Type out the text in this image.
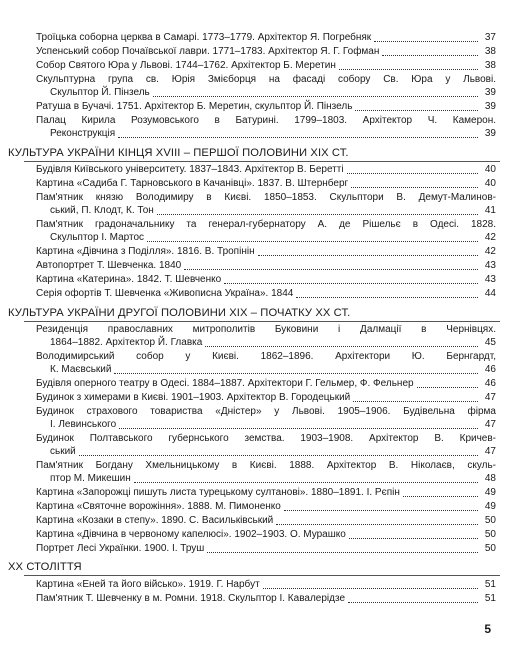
Троїцька соборна церква в Самарі. 1773–1779. Архітектор Я. Погребняк	37
Успенський собор Почаївської лаври. 1771–1783. Архітектор Я. Г. Гофман	38
Собор Святого Юра у Львові. 1744–1762. Архітектор Б. Меретин	38
Скульптурна група св. Юрія Змієборця на фасаді собору Св. Юра у Львові.
Скульптор Й. Пінзель	39
Ратуша в Бучачі. 1751. Архітектор Б. Меретин, скульптор Й. Пінзель	39
Палац Кирила Розумовського в Батурині. 1799–1803. Архітектор Ч. Камерон.
Реконструкція	39
КУЛЬТУРА УКРАЇНИ КІНЦЯ XVIII – ПЕРШОЇ ПОЛОВИНИ XIX СТ.
Будівля Київського університету. 1837–1843. Архітектор В. Беретті	40
Картина «Садиба Г. Тарновського в Качанівці». 1837. В. Штернберг	40
Пам'ятник князю Володимиру в Києві. 1850–1853. Скульптори В. Демут-Малинов-
ський, П. Клодт, К. Тон	41
Пам'ятник градоначальнику та генерал-губернатору А. де Рішельє в Одесі. 1828.
Скульптор І. Мартос	42
Картина «Дівчина з Поділля». 1816. В. Тропінін	42
Автопортрет Т. Шевченка. 1840	43
Картина «Катерина». 1842. Т. Шевченко	43
Серія офортів Т. Шевченка «Живописна Україна». 1844	44
КУЛЬТУРА УКРАЇНИ ДРУГОЇ ПОЛОВИНИ XIX – ПОЧАТКУ XX СТ.
Резиденція православних митрополитів Буковини і Далмації в Чернівцях.
1864–1882. Архітектор Й. Главка	45
Володимирський собор у Києві. 1862–1896. Архітектори Ю. Бернгардт,
К. Маєвський	46
Будівля оперного театру в Одесі. 1884–1887. Архітектори Г. Гельмер, Ф. Фельнер	46
Будинок з химерами в Києві. 1901–1903. Архітектор В. Городецький	47
Будинок страхового товариства «Дністер» у Львові. 1905–1906. Будівельна фірма
І. Левинського	47
Будинок Полтавського губернського земства. 1903–1908. Архітектор В. Кричев-
ський	47
Пам'ятник Богдану Хмельницькому в Києві. 1888. Архітектор В. Ніколаєв, скуль-
птор М. Микешин	48
Картина «Запорожці пишуть листа турецькому султанові». 1880–1891. І. Рєпін	49
Картина «Святочне ворожіння». 1888. М. Пимоненко	49
Картина «Козаки в степу». 1890. С. Васильківський	50
Картина «Дівчина в червоному капелюсі». 1902–1903. О. Мурашко	50
Портрет Лесі Українки. 1900. І. Труш	50
XX СТОЛІТТЯ
Картина «Еней та його військо». 1919. Г. Нарбут	51
Пам'ятник Т. Шевченку в м. Ромни. 1918. Скульптор І. Кавалерідзе	51
5
